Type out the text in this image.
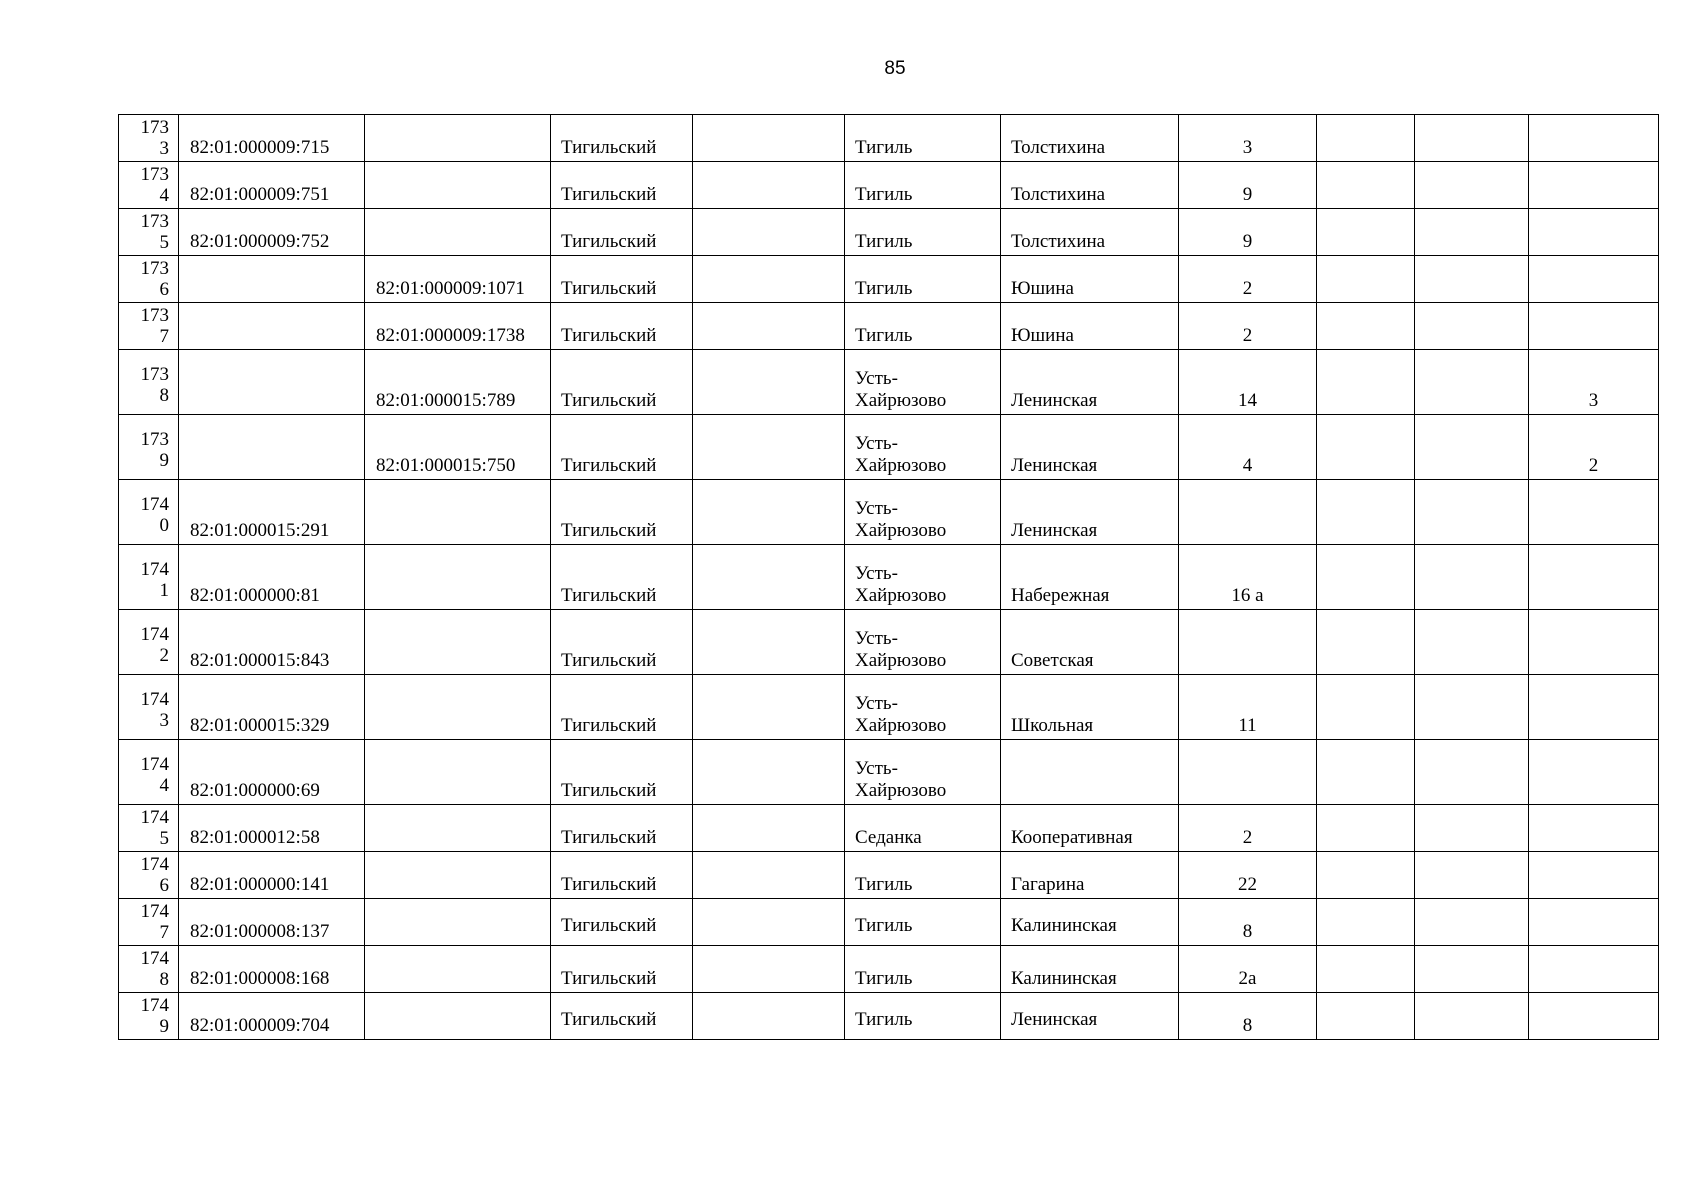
85
173
3	82:01:000009:715		Тигильский		Тигиль	Толстихина	3			

173
4	82:01:000009:751		Тигильский		Тигиль	Толстихина	9			

173
5	82:01:000009:752		Тигильский		Тигиль	Толстихина	9			

173
6		82:01:000009:1071	Тигильский		Тигиль	Юшина	2			

173
7		82:01:000009:1738	Тигильский		Тигиль	Юшина	2			

173
8		82:01:000015:789	Тигильский		Усть-
Хайрюзово	Ленинская	14			3

173
9		82:01:000015:750	Тигильский		Усть-
Хайрюзово	Ленинская	4			2

174
0	82:01:000015:291		Тигильский		Усть-
Хайрюзово	Ленинская				

174
1	82:01:000000:81		Тигильский		Усть-
Хайрюзово	Набережная	16 а			

174
2	82:01:000015:843		Тигильский		Усть-
Хайрюзово	Советская				

174
3	82:01:000015:329		Тигильский		Усть-
Хайрюзово	Школьная	11			

174
4	82:01:000000:69		Тигильский		Усть-
Хайрюзово					

174
5	82:01:000012:58		Тигильский		Седанка	Кооперативная	2			

174
6	82:01:000000:141		Тигильский		Тигиль	Гагарина	22			

174
7	82:01:000008:137		Тигильский		Тигиль	Калининская	8			

174
8	82:01:000008:168		Тигильский		Тигиль	Калининская	2а			

174
9	82:01:000009:704		Тигильский		Тигиль	Ленинская	8			
